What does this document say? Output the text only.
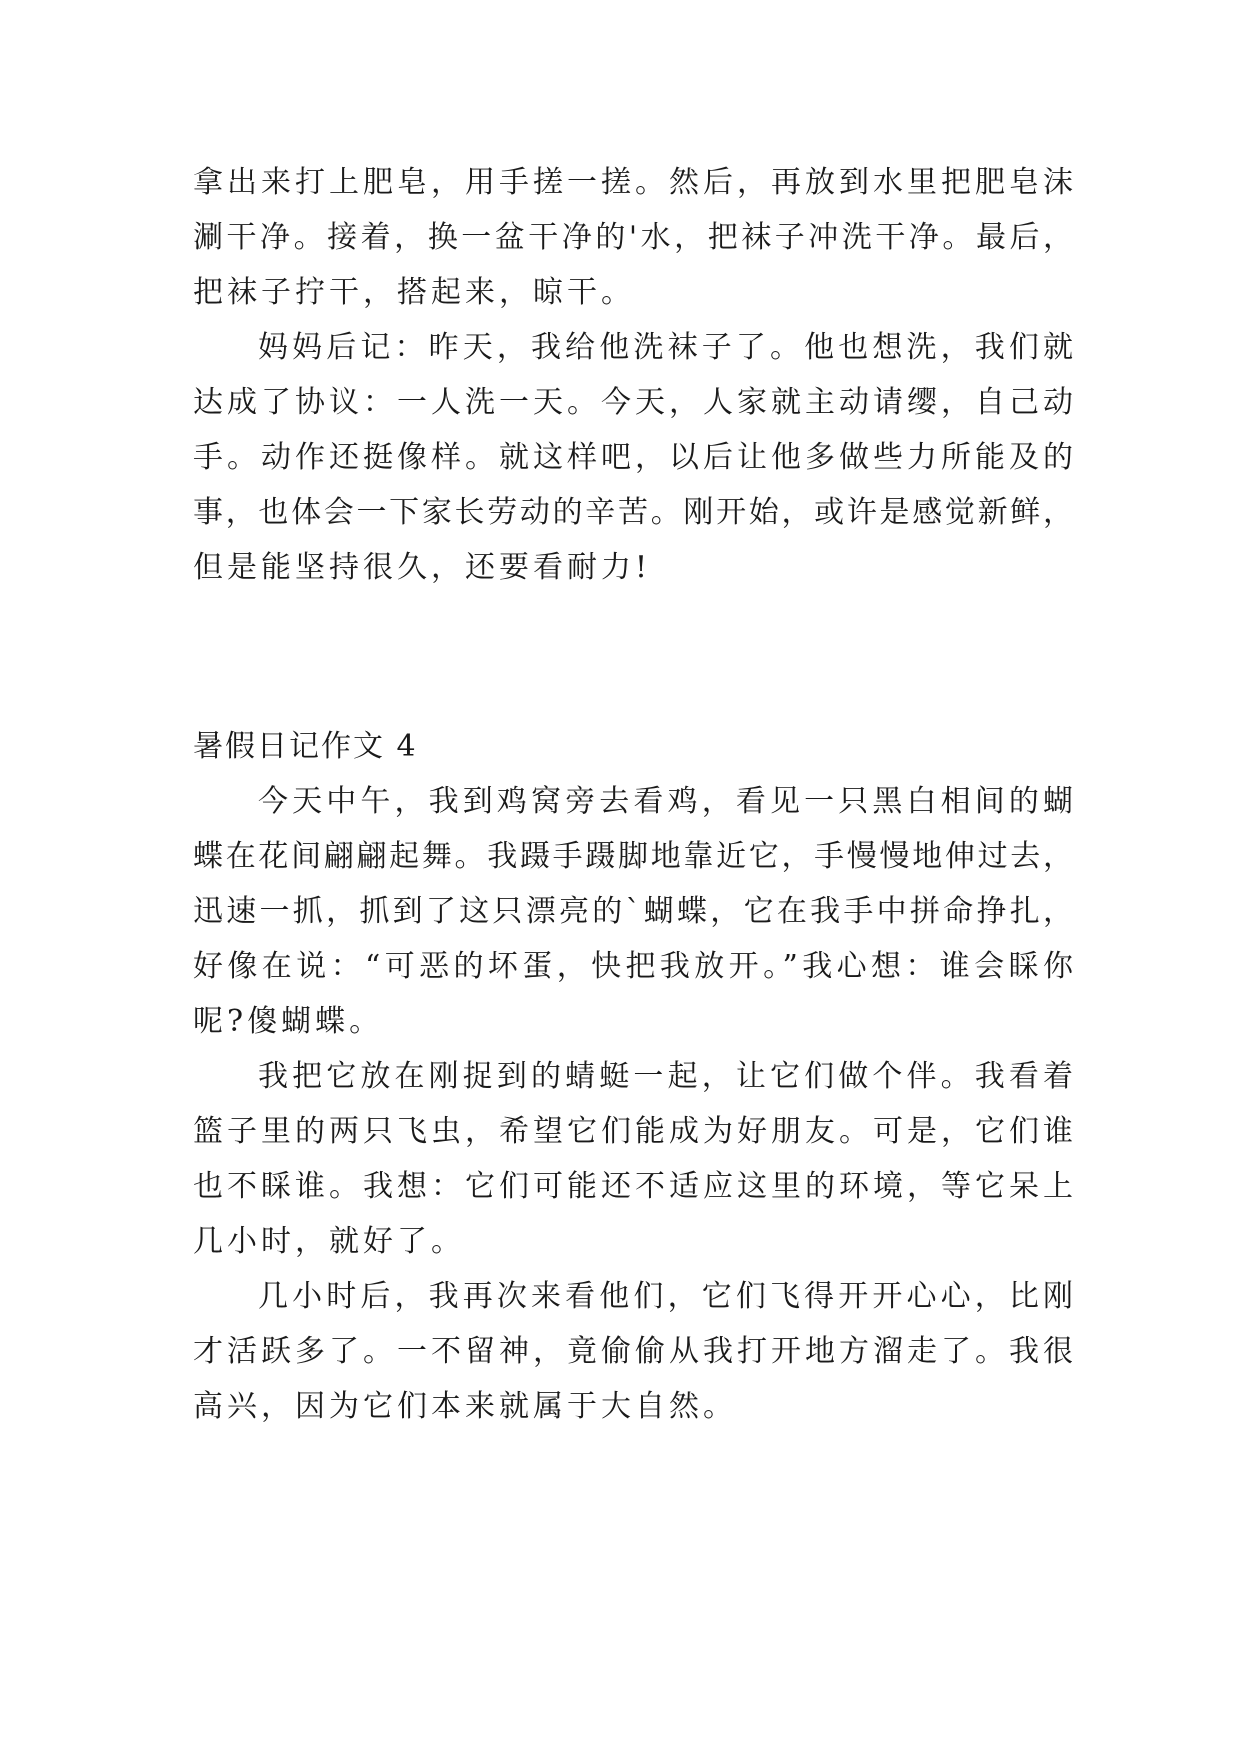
拿出来打上肥皂，用手搓一搓。然后，再放到水里把肥皂沫
涮干净。接着，换一盆干净的'水，把袜子冲洗干净。最后，
把袜子拧干，搭起来，晾干。
妈妈后记：昨天，我给他洗袜子了。他也想洗，我们就
达成了协议：一人洗一天。今天，人家就主动请缨，自己动
手。动作还挺像样。就这样吧，以后让他多做些力所能及的
事，也体会一下家长劳动的辛苦。刚开始，或许是感觉新鲜，
但是能坚持很久，还要看耐力!
暑假日记作文 4
今天中午，我到鸡窝旁去看鸡，看见一只黑白相间的蝴
蝶在花间翩翩起舞。我蹑手蹑脚地靠近它，手慢慢地伸过去，
迅速一抓，抓到了这只漂亮的`蝴蝶，它在我手中拼命挣扎，
好像在说：“可恶的坏蛋，快把我放开。”我心想：谁会睬你
呢?傻蝴蝶。
我把它放在刚捉到的蜻蜓一起，让它们做个伴。我看着
篮子里的两只飞虫，希望它们能成为好朋友。可是，它们谁
也不睬谁。我想：它们可能还不适应这里的环境，等它呆上
几小时，就好了。
几小时后，我再次来看他们，它们飞得开开心心，比刚
才活跃多了。一不留神，竟偷偷从我打开地方溜走了。我很
高兴，因为它们本来就属于大自然。
